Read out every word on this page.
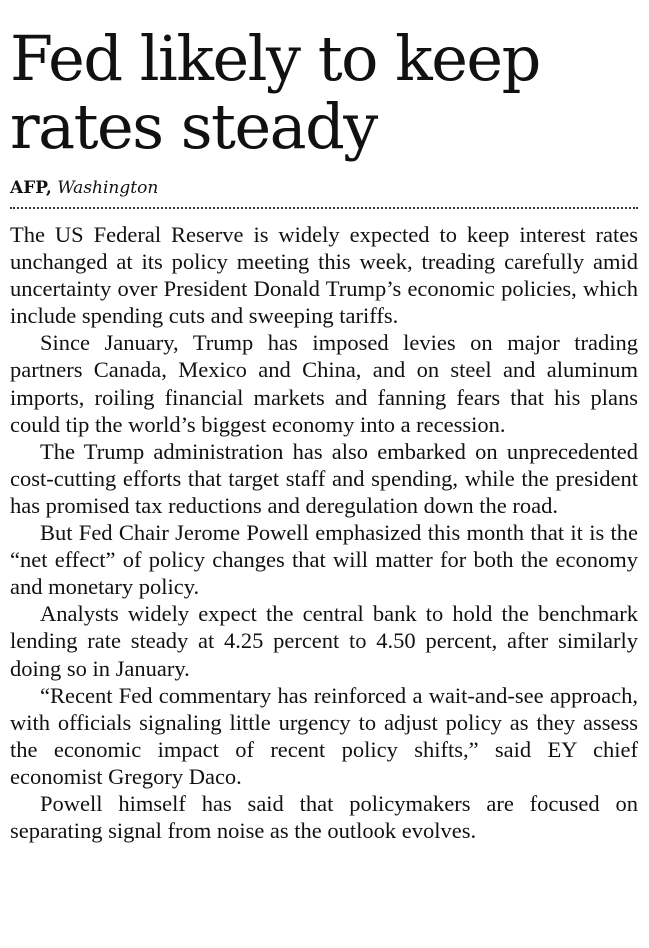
Fed likely to keep
rates steady
AFP, Washington

The US Federal Reserve is widely expected to keep interest rates unchanged at its policy meeting this week, treading carefully amid uncertainty over President Donald Trump’s economic policies, which include spending cuts and sweeping tariffs.

Since January, Trump has imposed levies on major trading partners Canada, Mexico and China, and on steel and aluminum imports, roiling financial markets and fanning fears that his plans could tip the world’s biggest economy into a recession.

The Trump administration has also embarked on unprecedented cost-cutting efforts that target staff and spending, while the president has promised tax reductions and deregulation down the road.

But Fed Chair Jerome Powell emphasized this month that it is the “net effect” of policy changes that will matter for both the economy and monetary policy.

Analysts widely expect the central bank to hold the benchmark lending rate steady at 4.25 percent to 4.50 percent, after similarly doing so in January.

“Recent Fed commentary has reinforced a wait-and-see approach, with officials signaling little urgency to adjust policy as they assess the economic impact of recent policy shifts,” said EY chief economist Gregory Daco.

Powell himself has said that policymakers are focused on separating signal from noise as the outlook evolves.
